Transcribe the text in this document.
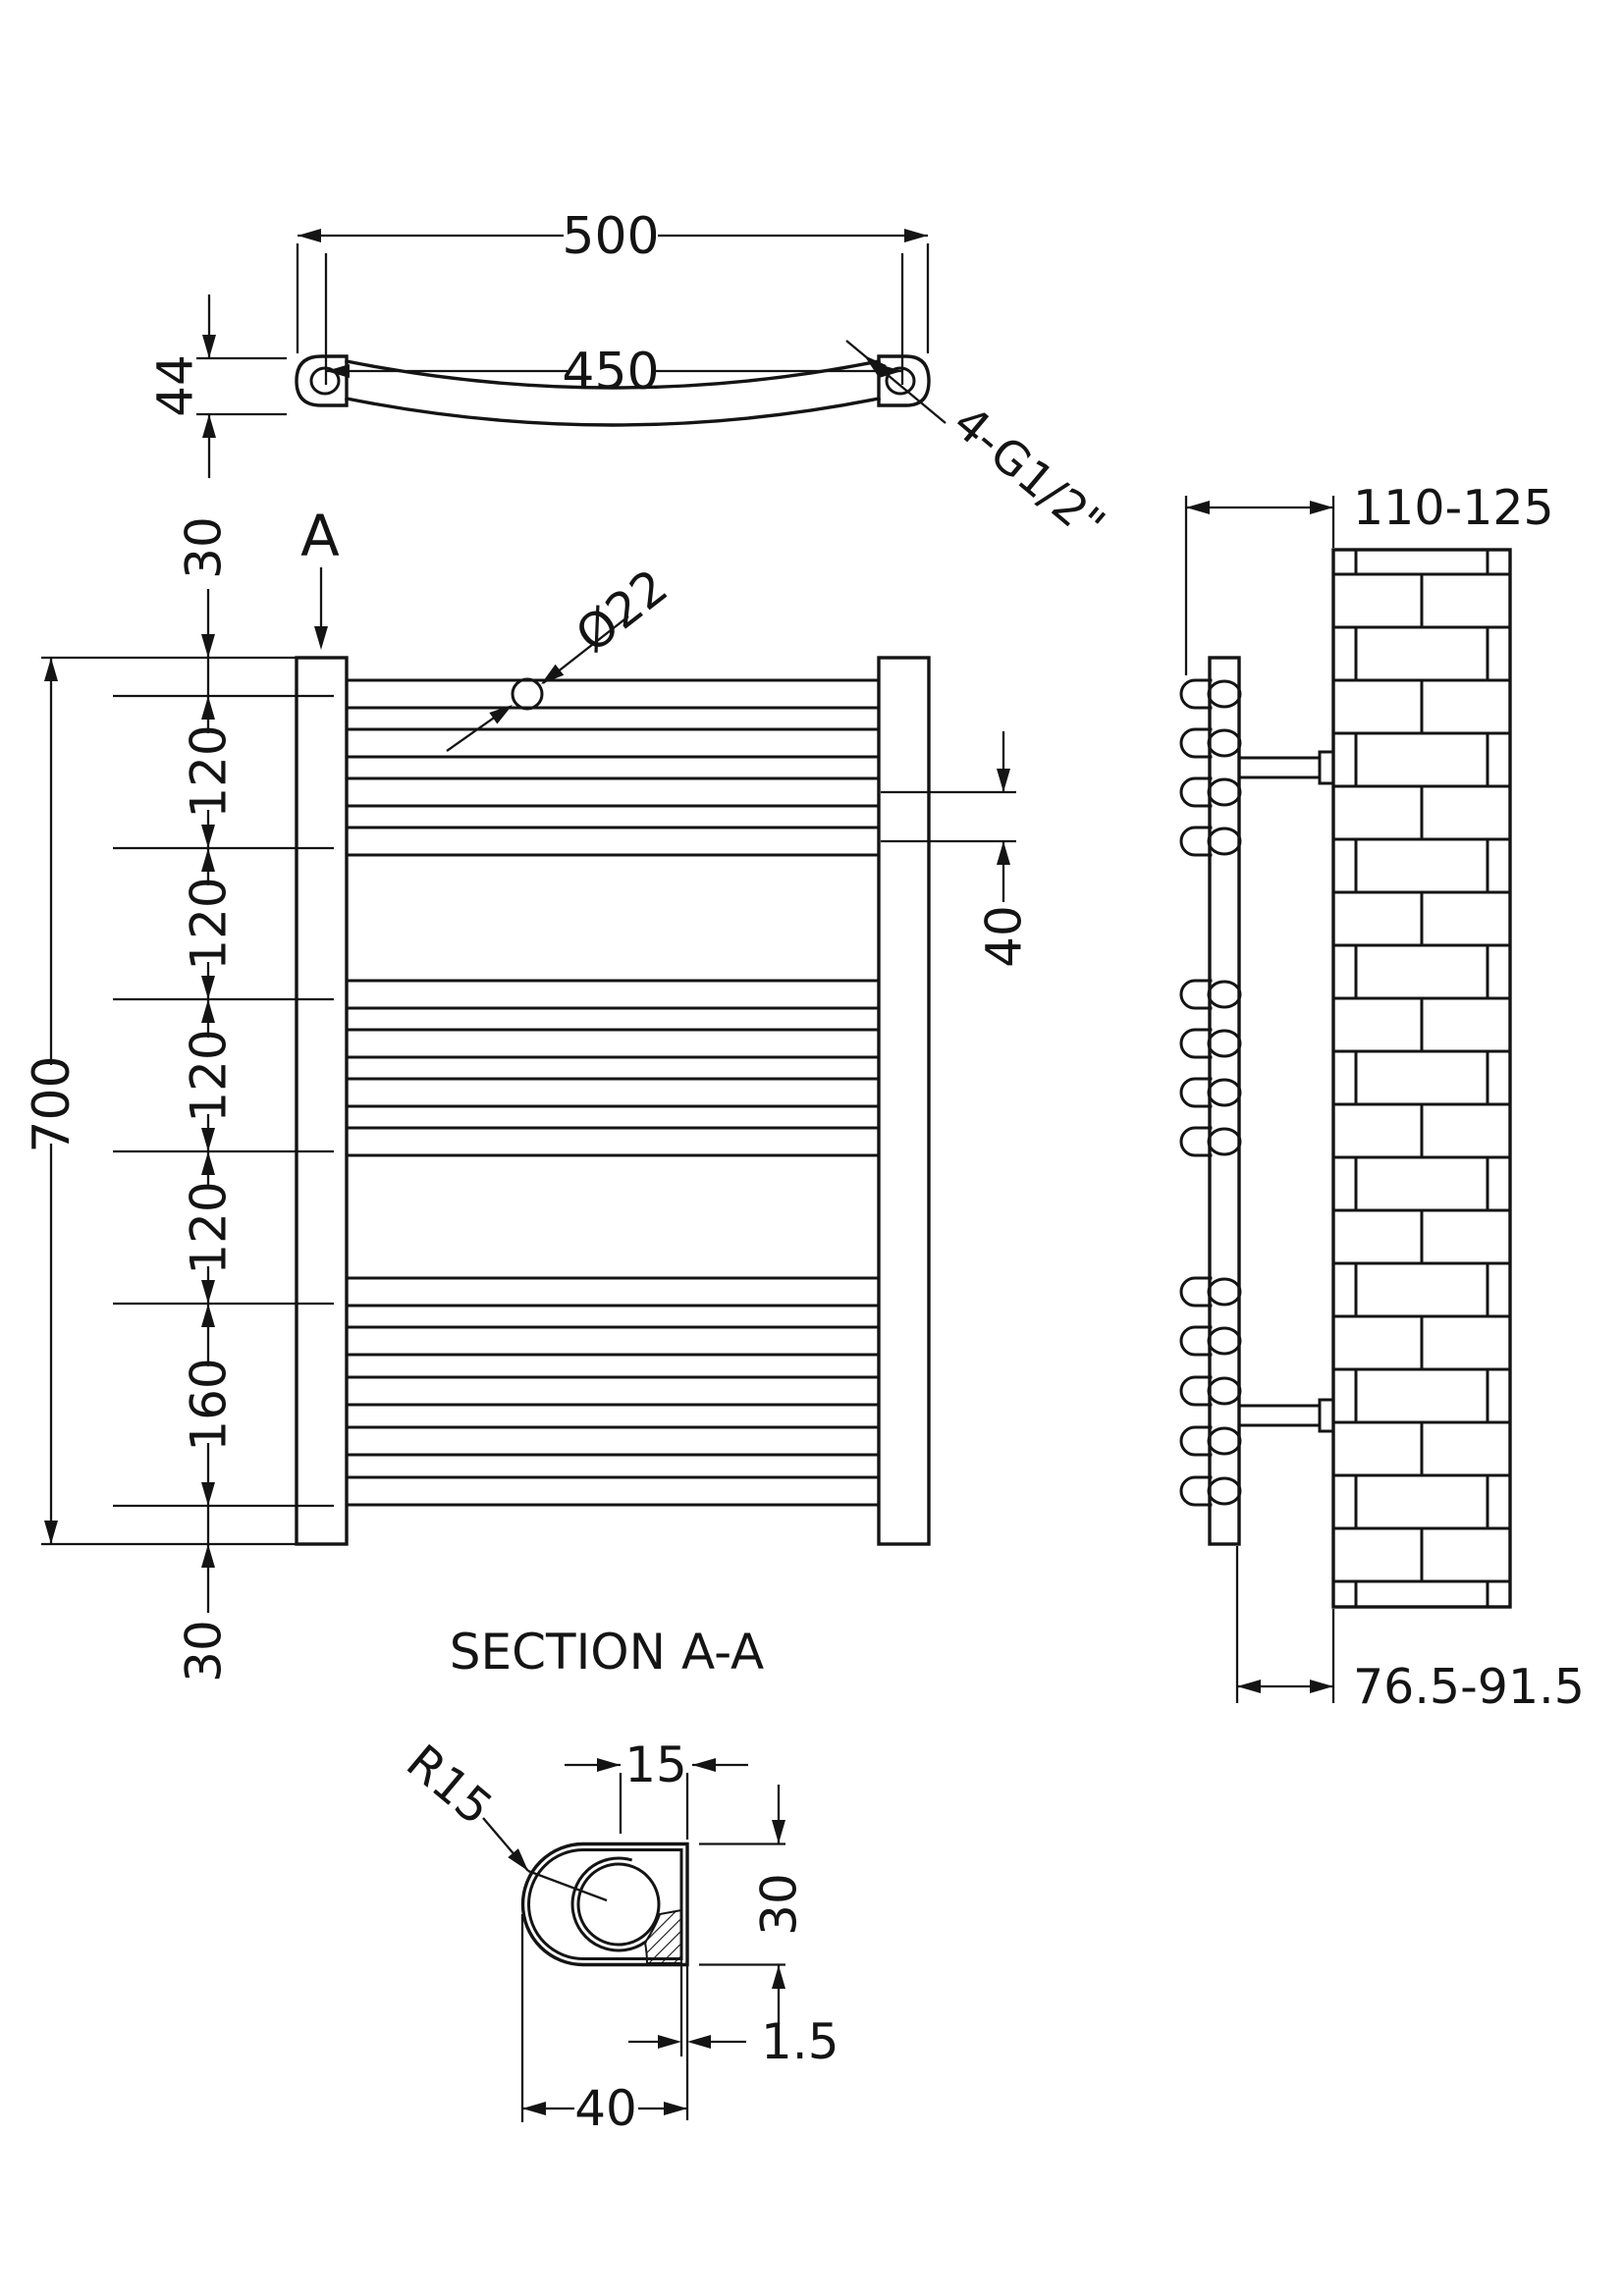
500
450
44
4-G1/2"
A
Ø22
700
30
120
120
120
120
160
30
40
110-125
76.5-91.5
SECTION A-A
15
30
1.5
40
R15
